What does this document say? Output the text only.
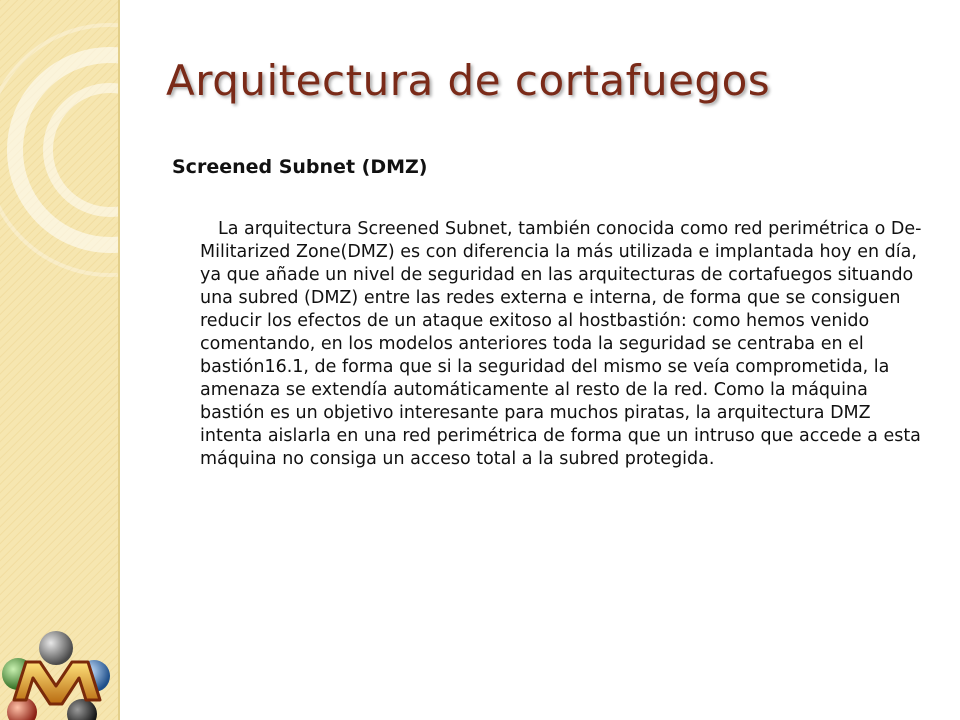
Arquitectura de cortafuegos
Screened Subnet (DMZ)

La arquitectura Screened Subnet, también conocida como red perimétrica o De-Militarized Zone(DMZ) es con diferencia la más utilizada e implantada hoy en día, ya que añade un nivel de seguridad en las arquitecturas de cortafuegos situando una subred (DMZ) entre las redes externa e interna, de forma que se consiguen reducir los efectos de un ataque exitoso al hostbastión: como hemos venido comentando, en los modelos anteriores toda la seguridad se centraba en el bastión16.1, de forma que si la seguridad del mismo se veía comprometida, la amenaza se extendía automáticamente al resto de la red. Como la máquina bastión es un objetivo interesante para muchos piratas, la arquitectura DMZ intenta aislarla en una red perimétrica de forma que un intruso que accede a esta máquina no consiga un acceso total a la subred protegida.
